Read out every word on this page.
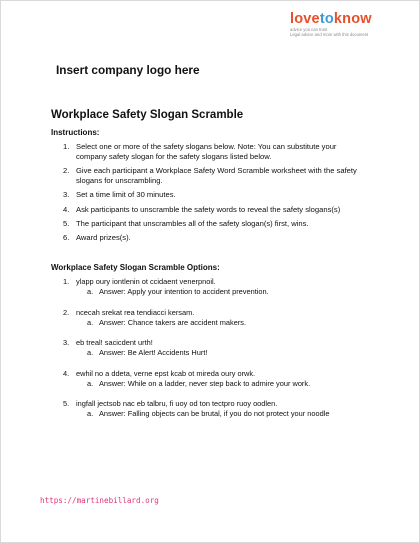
lovetoknow
advice you can trust
Legal advice and more with this document
Insert company logo here
Workplace Safety Slogan Scramble
Instructions:
1. Select one or more of the safety slogans below. Note: You can substitute your company safety slogan for the safety slogans listed below.
2. Give each participant a Workplace Safety Word Scramble worksheet with the safety slogans for unscrambling.
3. Set a time limit of 30 minutes.
4. Ask participants to unscramble the safety words to reveal the safety slogans(s)
5. The participant that unscrambles all of the safety slogan(s) first, wins.
6. Award prizes(s).
Workplace Safety Slogan Scramble Options:
1. ylapp oury iontlenin ot ccidaent venerpnoil.
a. Answer: Apply your intention to accident prevention.
2. ncecah srekat rea tendiacci kersam.
a. Answer: Chance takers are accident makers.
3. eb treal! sacicdent urth!
a. Answer: Be Alert! Accidents Hurt!
4. ewhil no a ddeta, verne epst kcab ot mireda oury orwk.
a. Answer: While on a ladder, never step back to admire your work.
5. ingfall jectsob nac eb talbru, fi uoy od ton tectpro ruoy oodlen.
a. Answer: Falling objects can be brutal, if you do not protect your noodle
https://martinebillard.org
